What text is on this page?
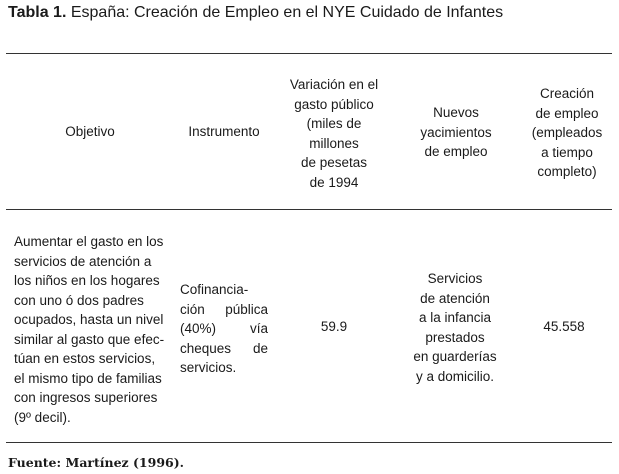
Tabla 1. España: Creación de Empleo en el NYE Cuidado de Infantes
Objetivo	Instrumento
Variación en el
gasto público
(miles de
millones
de pesetas
de 1994
Nuevos
yacimientos
de empleo
Creación
de empleo
(empleados
a tiempo
completo)
Aumentar el gasto en los
servicios de atención a
los niños en los hogares
con uno ó dos padres
ocupados, hasta un nivel
similar al gasto que efec-
túan en estos servicios,
el mismo tipo de familias
con ingresos superiores
(9º decil).
Cofinancia-
ción pública
(40%) vía
cheques de
servicios.
59.9
Servicios
de atención
a la infancia
prestados
en guarderías
y a domicilio.
45.558
Fuente: Martínez (1996).
